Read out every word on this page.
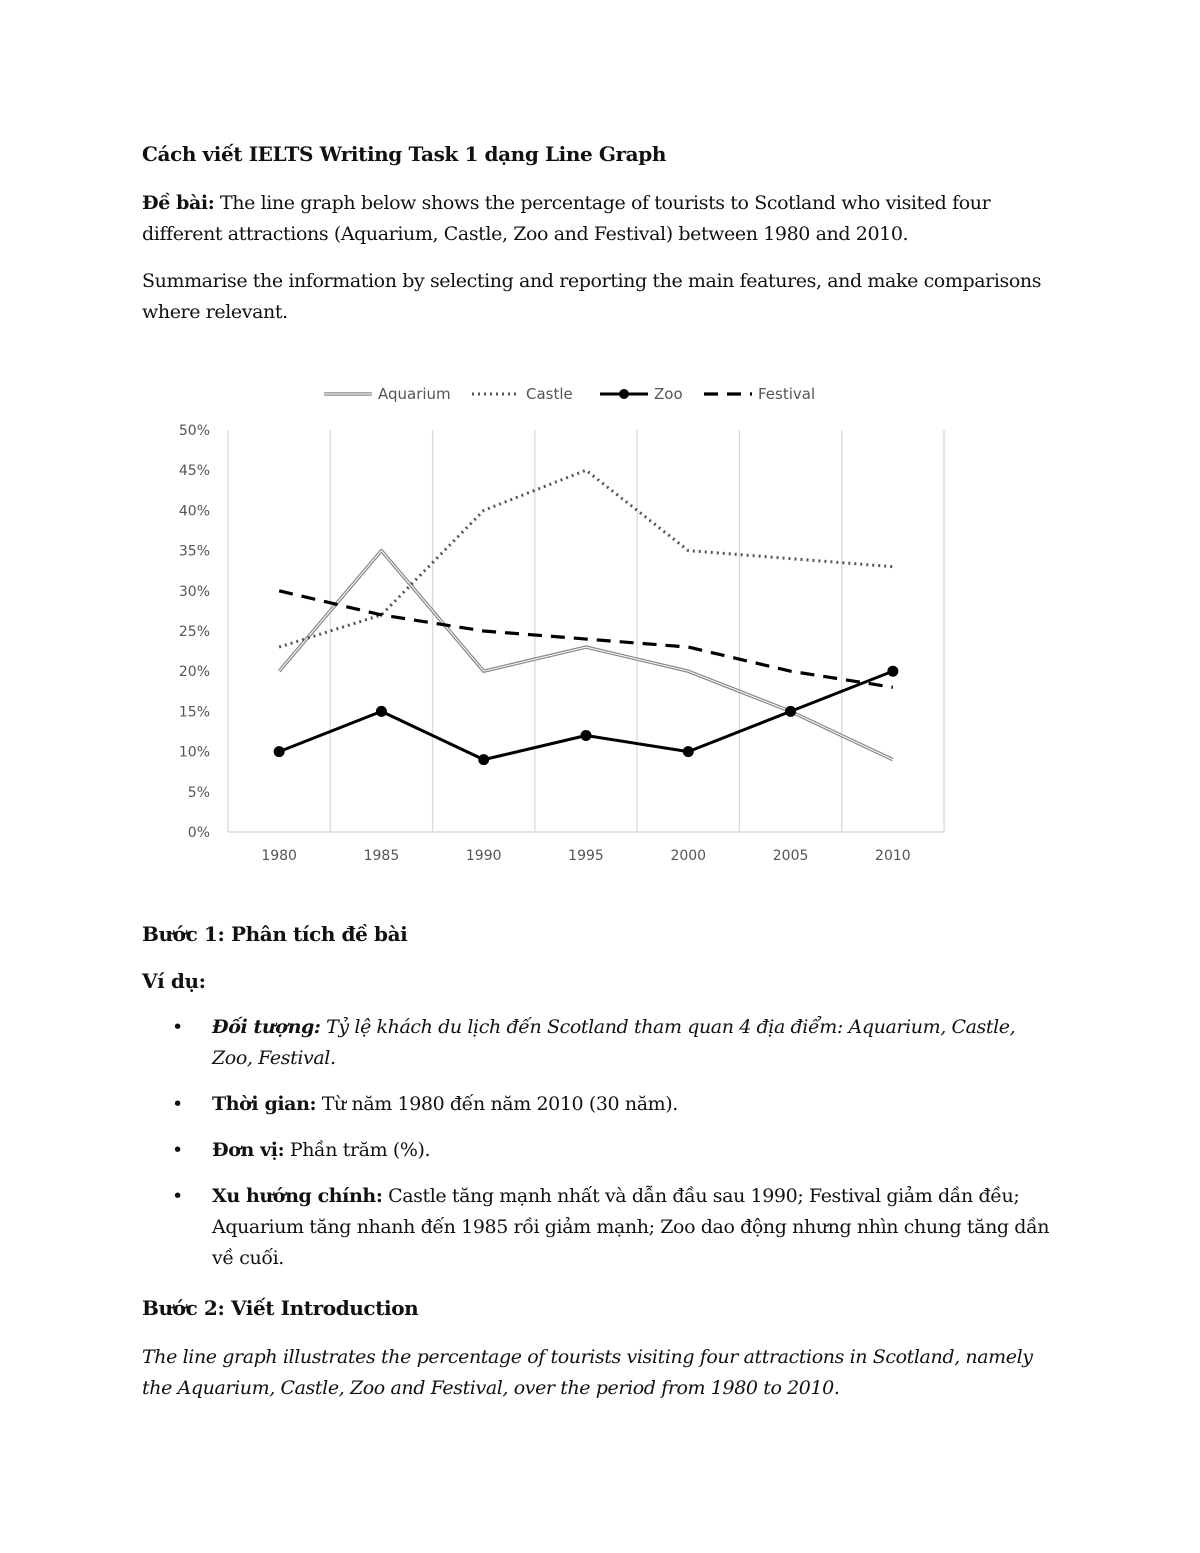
Cách viết IELTS Writing Task 1 dạng Line Graph

Đề bài: The line graph below shows the percentage of tourists to Scotland who visited four different attractions (Aquarium, Castle, Zoo and Festival) between 1980 and 2010.

Summarise the information by selecting and reporting the main features, and make comparisons where relevant.

Bước 1: Phân tích đề bài

Ví dụ:

• Đối tượng: Tỷ lệ khách du lịch đến Scotland tham quan 4 địa điểm: Aquarium, Castle, Zoo, Festival.
• Thời gian: Từ năm 1980 đến năm 2010 (30 năm).
• Đơn vị: Phần trăm (%).
• Xu hướng chính: Castle tăng mạnh nhất và dẫn đầu sau 1990; Festival giảm dần đều; Aquarium tăng nhanh đến 1985 rồi giảm mạnh; Zoo dao động nhưng nhìn chung tăng dần về cuối.

Bước 2: Viết Introduction

The line graph illustrates the percentage of tourists visiting four attractions in Scotland, namely the Aquarium, Castle, Zoo and Festival, over the period from 1980 to 2010.

0%
5%
10%
15%
20%
25%
30%
35%
40%
45%
50%
1980	1985	1990	1995	2000	2005	2010
Aquarium	Castle	Zoo	Festival
